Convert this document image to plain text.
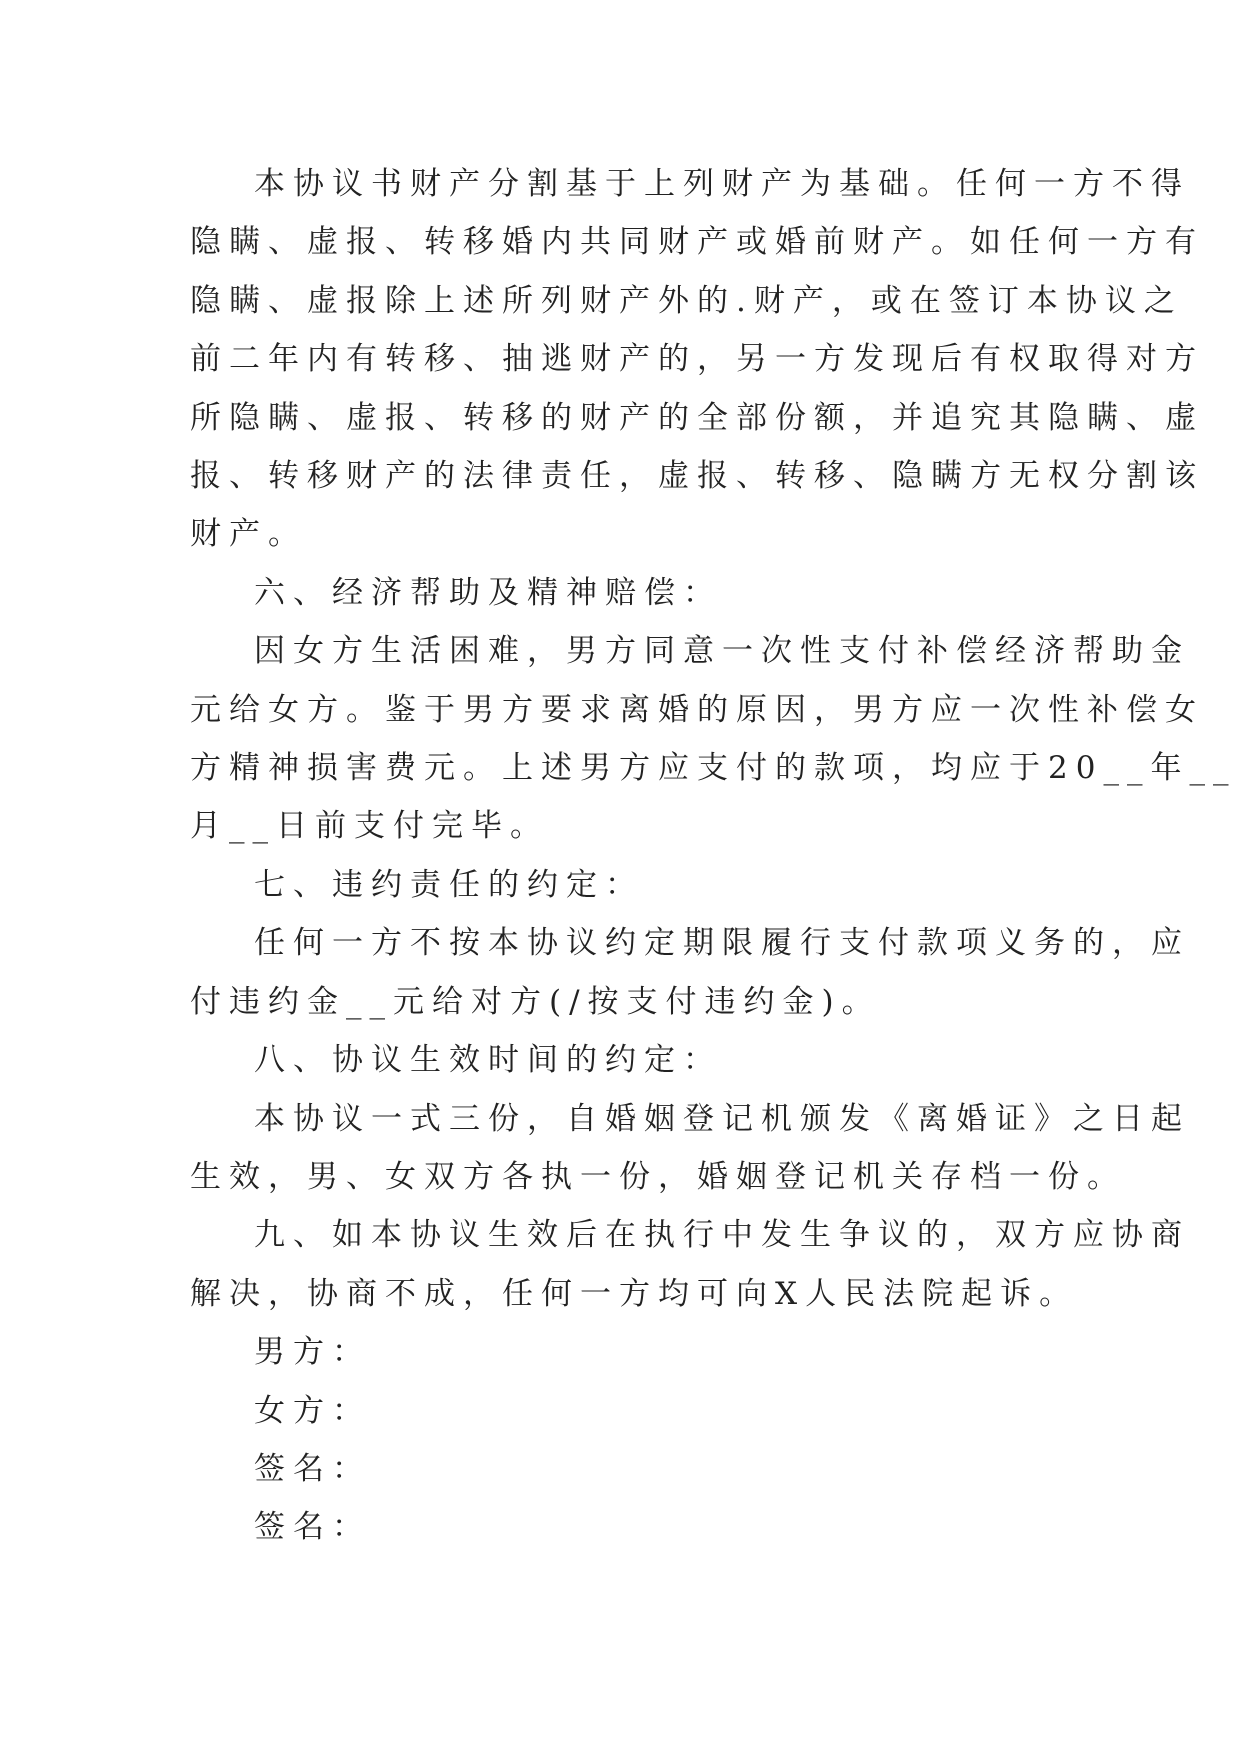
本协议书财产分割基于上列财产为基础。任何一方不得
隐瞒、虚报、转移婚内共同财产或婚前财产。如任何一方有
隐瞒、虚报除上述所列财产外的.财产，或在签订本协议之
前二年内有转移、抽逃财产的，另一方发现后有权取得对方
所隐瞒、虚报、转移的财产的全部份额，并追究其隐瞒、虚
报、转移财产的法律责任，虚报、转移、隐瞒方无权分割该
财产。
六、经济帮助及精神赔偿：
因女方生活困难，男方同意一次性支付补偿经济帮助金
元给女方。鉴于男方要求离婚的原因，男方应一次性补偿女
方精神损害费元。上述男方应支付的款项，均应于20__年__
月__日前支付完毕。
七、违约责任的约定：
任何一方不按本协议约定期限履行支付款项义务的，应
付违约金__元给对方(/按支付违约金)。
八、协议生效时间的约定：
本协议一式三份，自婚姻登记机颁发《离婚证》之日起
生效，男、女双方各执一份，婚姻登记机关存档一份。
九、如本协议生效后在执行中发生争议的，双方应协商
解决，协商不成，任何一方均可向X人民法院起诉。
男方：
女方：
签名：
签名：
